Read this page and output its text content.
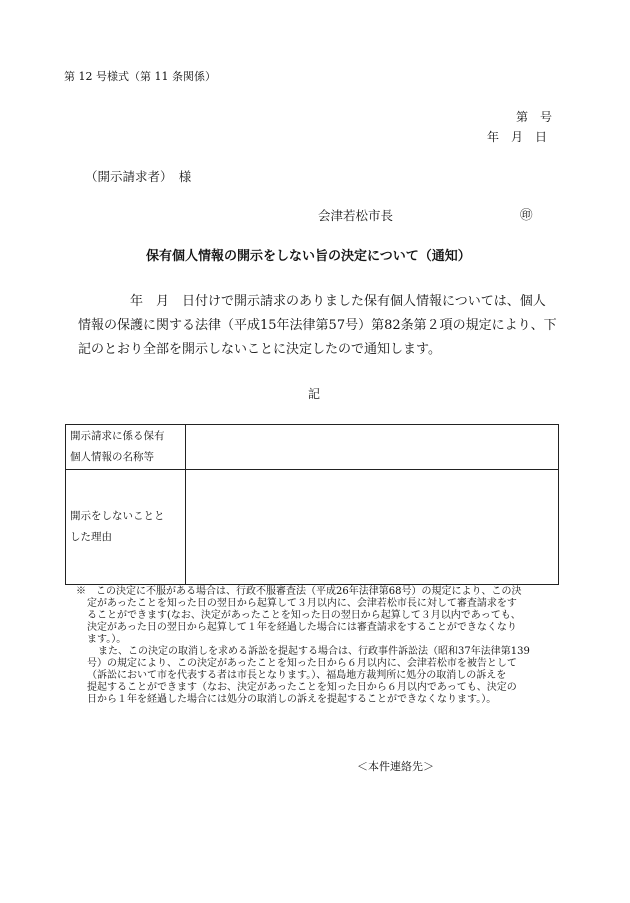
第 12 号様式（第 11 条関係）
第　号
年　月　日
（開示請求者）　様
会津若松市長	㊞
保有個人情報の開示をしない旨の決定について（通知）
　　　　年　月　日付けで開示請求のありました保有個人情報については、個人
情報の保護に関する法律（平成15年法律第57号）第82条第２項の規定により、下
記のとおり全部を開示しないことに決定したので通知します。
記
開示請求に係る保有
個人情報の名称等	

開示をしないことと
した理由	

※　この決定に不服がある場合は、行政不服審査法（平成26年法律第68号）の規定により、この決
定があったことを知った日の翌日から起算して３月以内に、会津若松市長に対して審査請求をす
ることができます(なお、決定があったことを知った日の翌日から起算して３月以内であっても、
決定があった日の翌日から起算して１年を経過した場合には審査請求をすることができなくなり
ます。）。
また、この決定の取消しを求める訴訟を提起する場合は、行政事件訴訟法（昭和37年法律第139
号）の規定により、この決定があったことを知った日から６月以内に、会津若松市を被告として
（訴訟において市を代表する者は市長となります。）、福島地方裁判所に処分の取消しの訴えを
提起することができます（なお、決定があったことを知った日から６月以内であっても、決定の
日から１年を経過した場合には処分の取消しの訴えを提起することができなくなります。）。
＜本件連絡先＞
